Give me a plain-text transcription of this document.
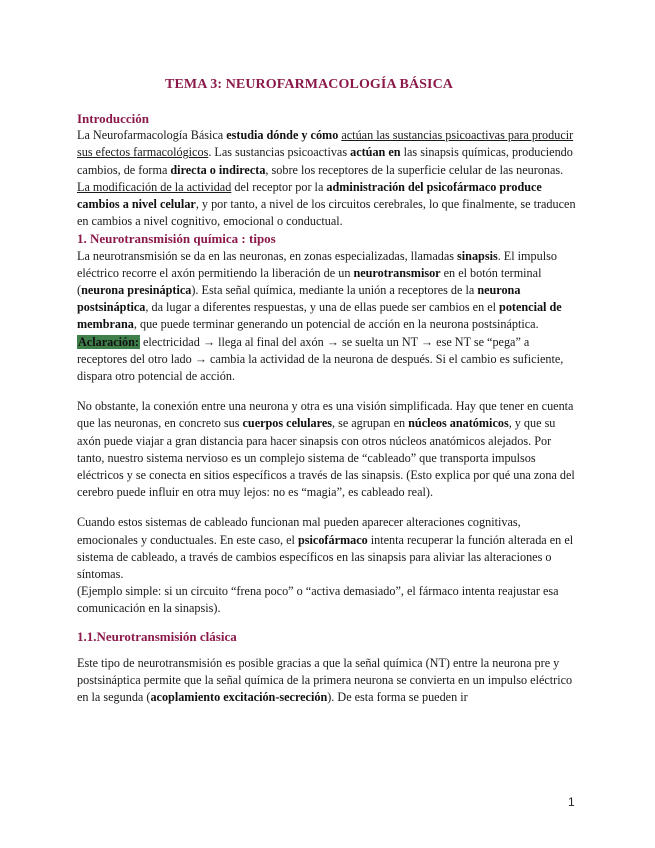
TEMA 3: NEUROFARMACOLOGÍA BÁSICA

Introducción

La Neurofarmacología Básica estudia dónde y cómo actúan las sustancias psicoactivas para producir sus efectos farmacológicos. Las sustancias psicoactivas actúan en las sinapsis químicas, produciendo cambios, de forma directa o indirecta, sobre los receptores de la superficie celular de las neuronas. La modificación de la actividad del receptor por la administración del psicofármaco produce cambios a nivel celular, y por tanto, a nivel de los circuitos cerebrales, lo que finalmente, se traducen en cambios a nivel cognitivo, emocional o conductual.

1. Neurotransmisión química : tipos

La neurotransmisión se da en las neuronas, en zonas especializadas, llamadas sinapsis. El impulso eléctrico recorre el axón permitiendo la liberación de un neurotransmisor en el botón terminal (neurona presináptica). Esta señal química, mediante la unión a receptores de la neurona postsináptica, da lugar a diferentes respuestas, y una de ellas puede ser cambios en el potencial de membrana, que puede terminar generando un potencial de acción en la neurona postsináptica.

Aclaración: electricidad → llega al final del axón → se suelta un NT → ese NT se “pega” a receptores del otro lado → cambia la actividad de la neurona de después. Si el cambio es suficiente, dispara otro potencial de acción.

No obstante, la conexión entre una neurona y otra es una visión simplificada. Hay que tener en cuenta que las neuronas, en concreto sus cuerpos celulares, se agrupan en núcleos anatómicos, y que su axón puede viajar a gran distancia para hacer sinapsis con otros núcleos anatómicos alejados. Por tanto, nuestro sistema nervioso es un complejo sistema de “cableado” que transporta impulsos eléctricos y se conecta en sitios específicos a través de las sinapsis. (Esto explica por qué una zona del cerebro puede influir en otra muy lejos: no es “magia”, es cableado real).

Cuando estos sistemas de cableado funcionan mal pueden aparecer alteraciones cognitivas, emocionales y conductuales. En este caso, el psicofármaco intenta recuperar la función alterada en el sistema de cableado, a través de cambios específicos en las sinapsis para aliviar las alteraciones o síntomas.

(Ejemplo simple: si un circuito “frena poco” o “activa demasiado”, el fármaco intenta reajustar esa comunicación en la sinapsis).

1.1.Neurotransmisión clásica

Este tipo de neurotransmisión es posible gracias a que la señal química (NT) entre la neurona pre y postsináptica permite que la señal química de la primera neurona se convierta en un impulso eléctrico en la segunda (acoplamiento excitación-secreción). De esta forma se pueden ir

1
